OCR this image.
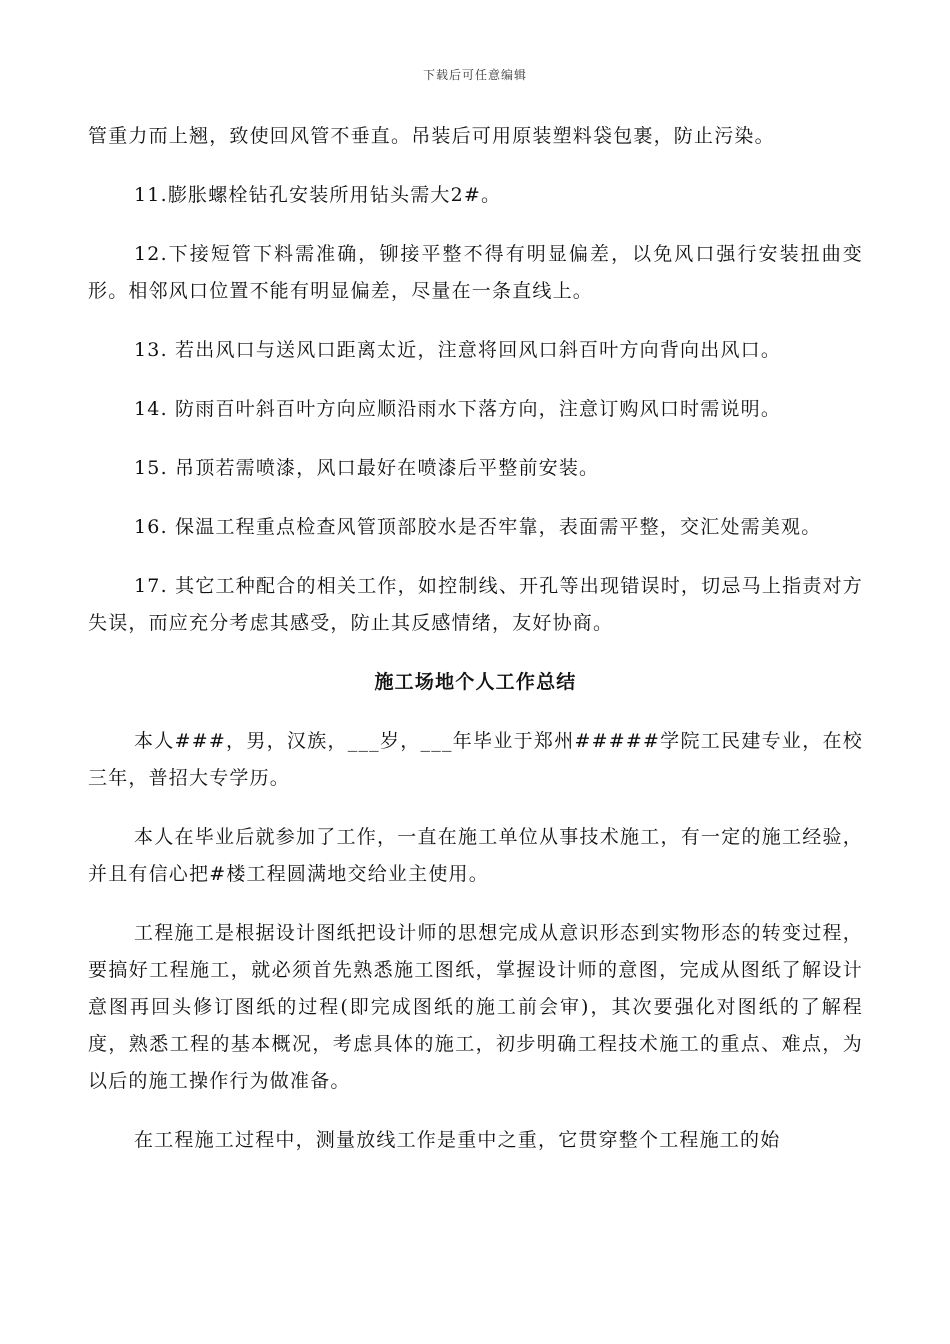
下载后可任意编辑

管重力而上翘，致使回风管不垂直。吊装后可用原装塑料袋包裹，防止污染。

11.膨胀螺栓钻孔安装所用钻头需大2#。

12.下接短管下料需准确，铆接平整不得有明显偏差，以免风口强行安装扭曲变形。相邻风口位置不能有明显偏差，尽量在一条直线上。

13. 若出风口与送风口距离太近，注意将回风口斜百叶方向背向出风口。

14. 防雨百叶斜百叶方向应顺沿雨水下落方向，注意订购风口时需说明。

15. 吊顶若需喷漆，风口最好在喷漆后平整前安装。

16. 保温工程重点检查风管顶部胶水是否牢靠，表面需平整，交汇处需美观。

17. 其它工种配合的相关工作，如控制线、开孔等出现错误时，切忌马上指责对方失误，而应充分考虑其感受，防止其反感情绪，友好协商。

施工场地个人工作总结

本人###，男，汉族，___岁，___年毕业于郑州#####学院工民建专业，在校三年，普招大专学历。

本人在毕业后就参加了工作，一直在施工单位从事技术施工，有一定的施工经验，并且有信心把#楼工程圆满地交给业主使用。

工程施工是根据设计图纸把设计师的思想完成从意识形态到实物形态的转变过程，要搞好工程施工，就必须首先熟悉施工图纸，掌握设计师的意图，完成从图纸了解设计意图再回头修订图纸的过程(即完成图纸的施工前会审)，其次要强化对图纸的了解程度，熟悉工程的基本概况，考虑具体的施工，初步明确工程技术施工的重点、难点，为以后的施工操作行为做准备。

在工程施工过程中，测量放线工作是重中之重，它贯穿整个工程施工的始
